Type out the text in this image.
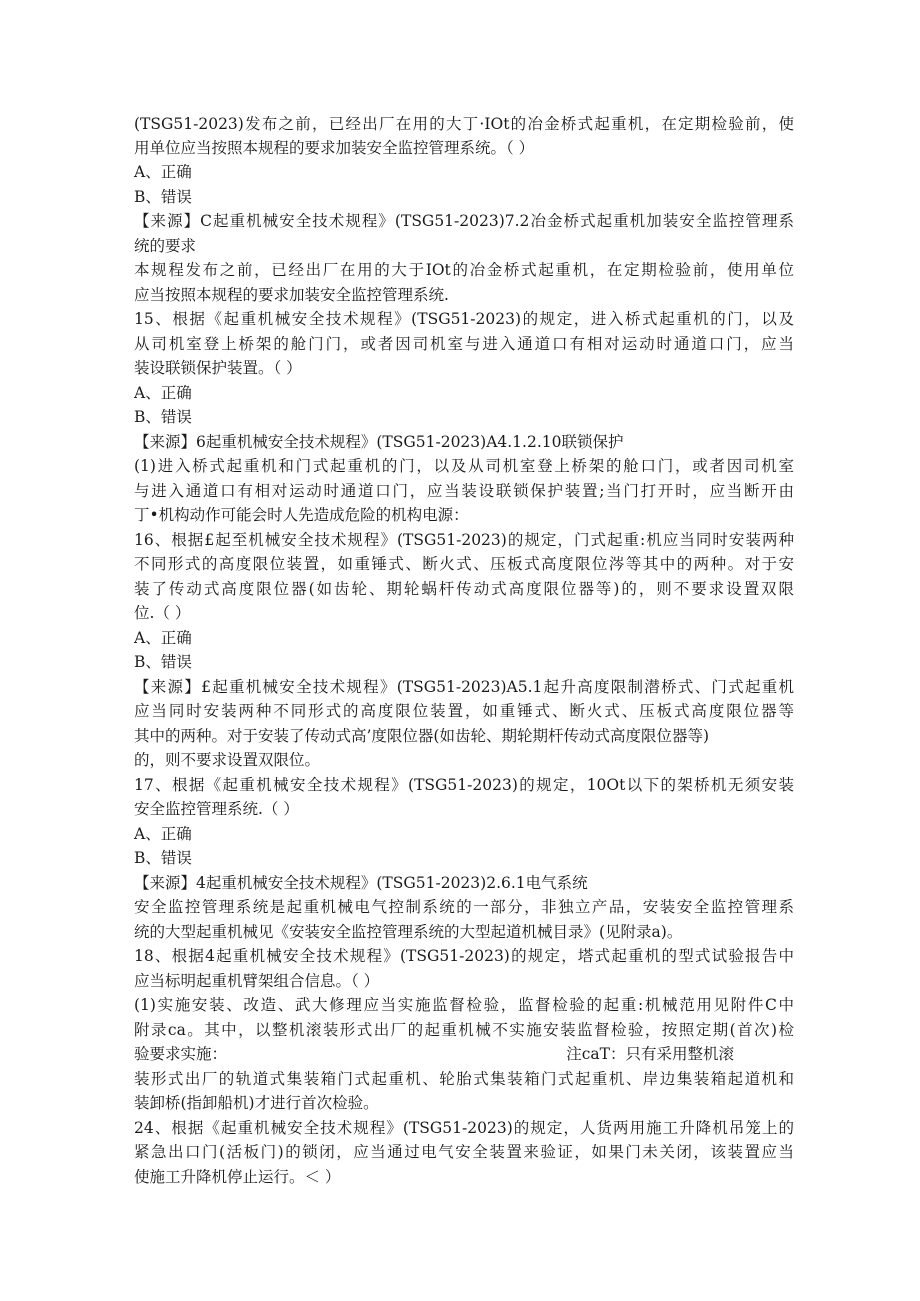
(TSG51-2023)发布之前，已经出厂在用的大丁·IOt的冶金桥式起重机，在定期检验前，使
用单位应当按照本规程的要求加装安全监控管理系统。（ ）
A、正确
B、错误
【来源】C起重机械安全技术规程》(TSG51-2023)7.2冶金桥式起重机加装安全监控管理系
统的要求
本规程发布之前，已经出厂在用的大于IOt的冶金桥式起重机，在定期检验前，使用单位
应当按照本规程的要求加装安全监控管理系统.
15、根据《起重机械安全技术规程》(TSG51-2023)的规定，进入桥式起重机的门，以及
从司机室登上桥架的舱门门，或者因司机室与进入通道口有相对运动时通道口门，应当
装设联锁保护装置。（ ）
A、正确
B、错误
【来源】6起重机械安全技术规程》(TSG51-2023)A4.1.2.10联锁保护
(1)进入桥式起重机和门式起重机的门，以及从司机室登上桥架的舱口门，或者因司机室
与进入通道口有相对运动时通道口门，应当装设联锁保护装置;当门打开时，应当断开由
丁•机构动作可能会时人先造成危险的机构电源：
16、根据£起至机械安全技术规程》(TSG51-2023)的规定，门式起重:机应当同时安装两种
不同形式的高度限位装置，如重锤式、断火式、压板式高度限位涔等其中的两种。对于安
装了传动式高度限位器(如齿轮、期轮蜗杆传动式高度限位器等)的，则不要求设置双限
位.（ ）
A、正确
B、错误
【来源】£起重机械安全技术规程》(TSG51-2023)A5.1起升高度限制潜桥式、门式起重机
应当同时安装两种不同形式的高度限位装置，如重锤式、断火式、压板式高度限位器等
其中的两种。对于安装了传动式高’度限位器(如齿轮、期轮期杆传动式高度限位器等)
的，则不要求设置双限位。
17、根据《起重机械安全技术规程》(TSG51-2023)的规定，10Ot以下的架桥机无须安装
安全监控管理系统.（ ）
A、正确
B、错误
【来源】4起重机械安全技术规程》(TSG51-2023)2.6.1电气系统
安全监控管理系统是起重机械电气控制系统的一部分，非独立产品，安装安全监控管理系
统的大型起重机械见《安装安全监控管理系统的大型起道机械目录》(见附录a)。
18、根据4起重机械安全技术规程》(TSG51-2023)的规定，塔式起重机的型式试验报告中
应当标明起重机臂架组合信息。（ ）
(1)实施安装、改造、武大修理应当实施监督检验，监督检验的起重:机械范用见附件C中
附录ca。其中，以整机滚装形式出厂的起重机械不实施安装监督检验，按照定期(首次)检
验要求实施：	注caT：只有采用整机滚
装形式出厂的轨道式集装箱门式起重机、轮胎式集装箱门式起重机、岸边集装箱起道机和
装卸桥(指卸船机)才进行首次检验。
24、根据《起重机械安全技术规程》(TSG51-2023)的规定，人货两用施工升降机吊笼上的
紧急出口门(活板门)的锁闭，应当通过电气安全装置来验证，如果门未关闭，该装置应当
使施工升降机停止运行。＜ ）
